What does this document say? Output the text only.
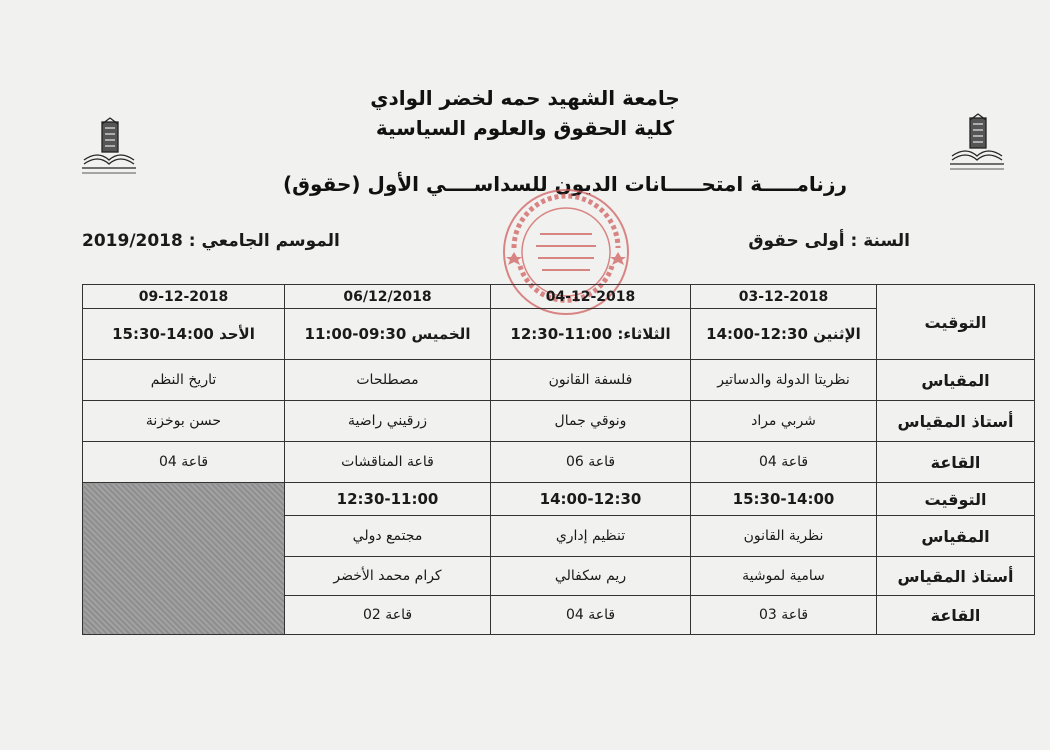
جامعة الشهيد حمه لخضر الوادي
كلية الحقوق والعلوم السياسية
رزنامـــــة امتحـــــانات الديون للسداســــي الأول (حقوق)
السنة : أولى حقوق
الموسم الجامعي : 2019/2018
التوقيت	03-12-2018	04-12-2018	06/12/2018	09-12-2018
	الإثنين 12:30-14:00	الثلاثاء: 11:00-12:30	الخميس 09:30-11:00	الأحد 14:00-15:30
المقياس	نظريتا الدولة والدساتير	فلسفة القانون	مصطلحات	تاريخ النظم
أستاذ المقياس	شربي مراد	ونوقي جمال	زرقيني راضية	حسن بوخزنة
القاعة	قاعة 04	قاعة 06	قاعة المناقشات	قاعة 04
التوقيت	15:30-14:00	14:00-12:30	12:30-11:00	
المقياس	نظرية القانون	تنظيم إداري	مجتمع دولي	
أستاذ المقياس	سامية لموشية	ريم سكفالي	كرام محمد الأخضر	
القاعة	قاعة 03	قاعة 04	قاعة 02	
